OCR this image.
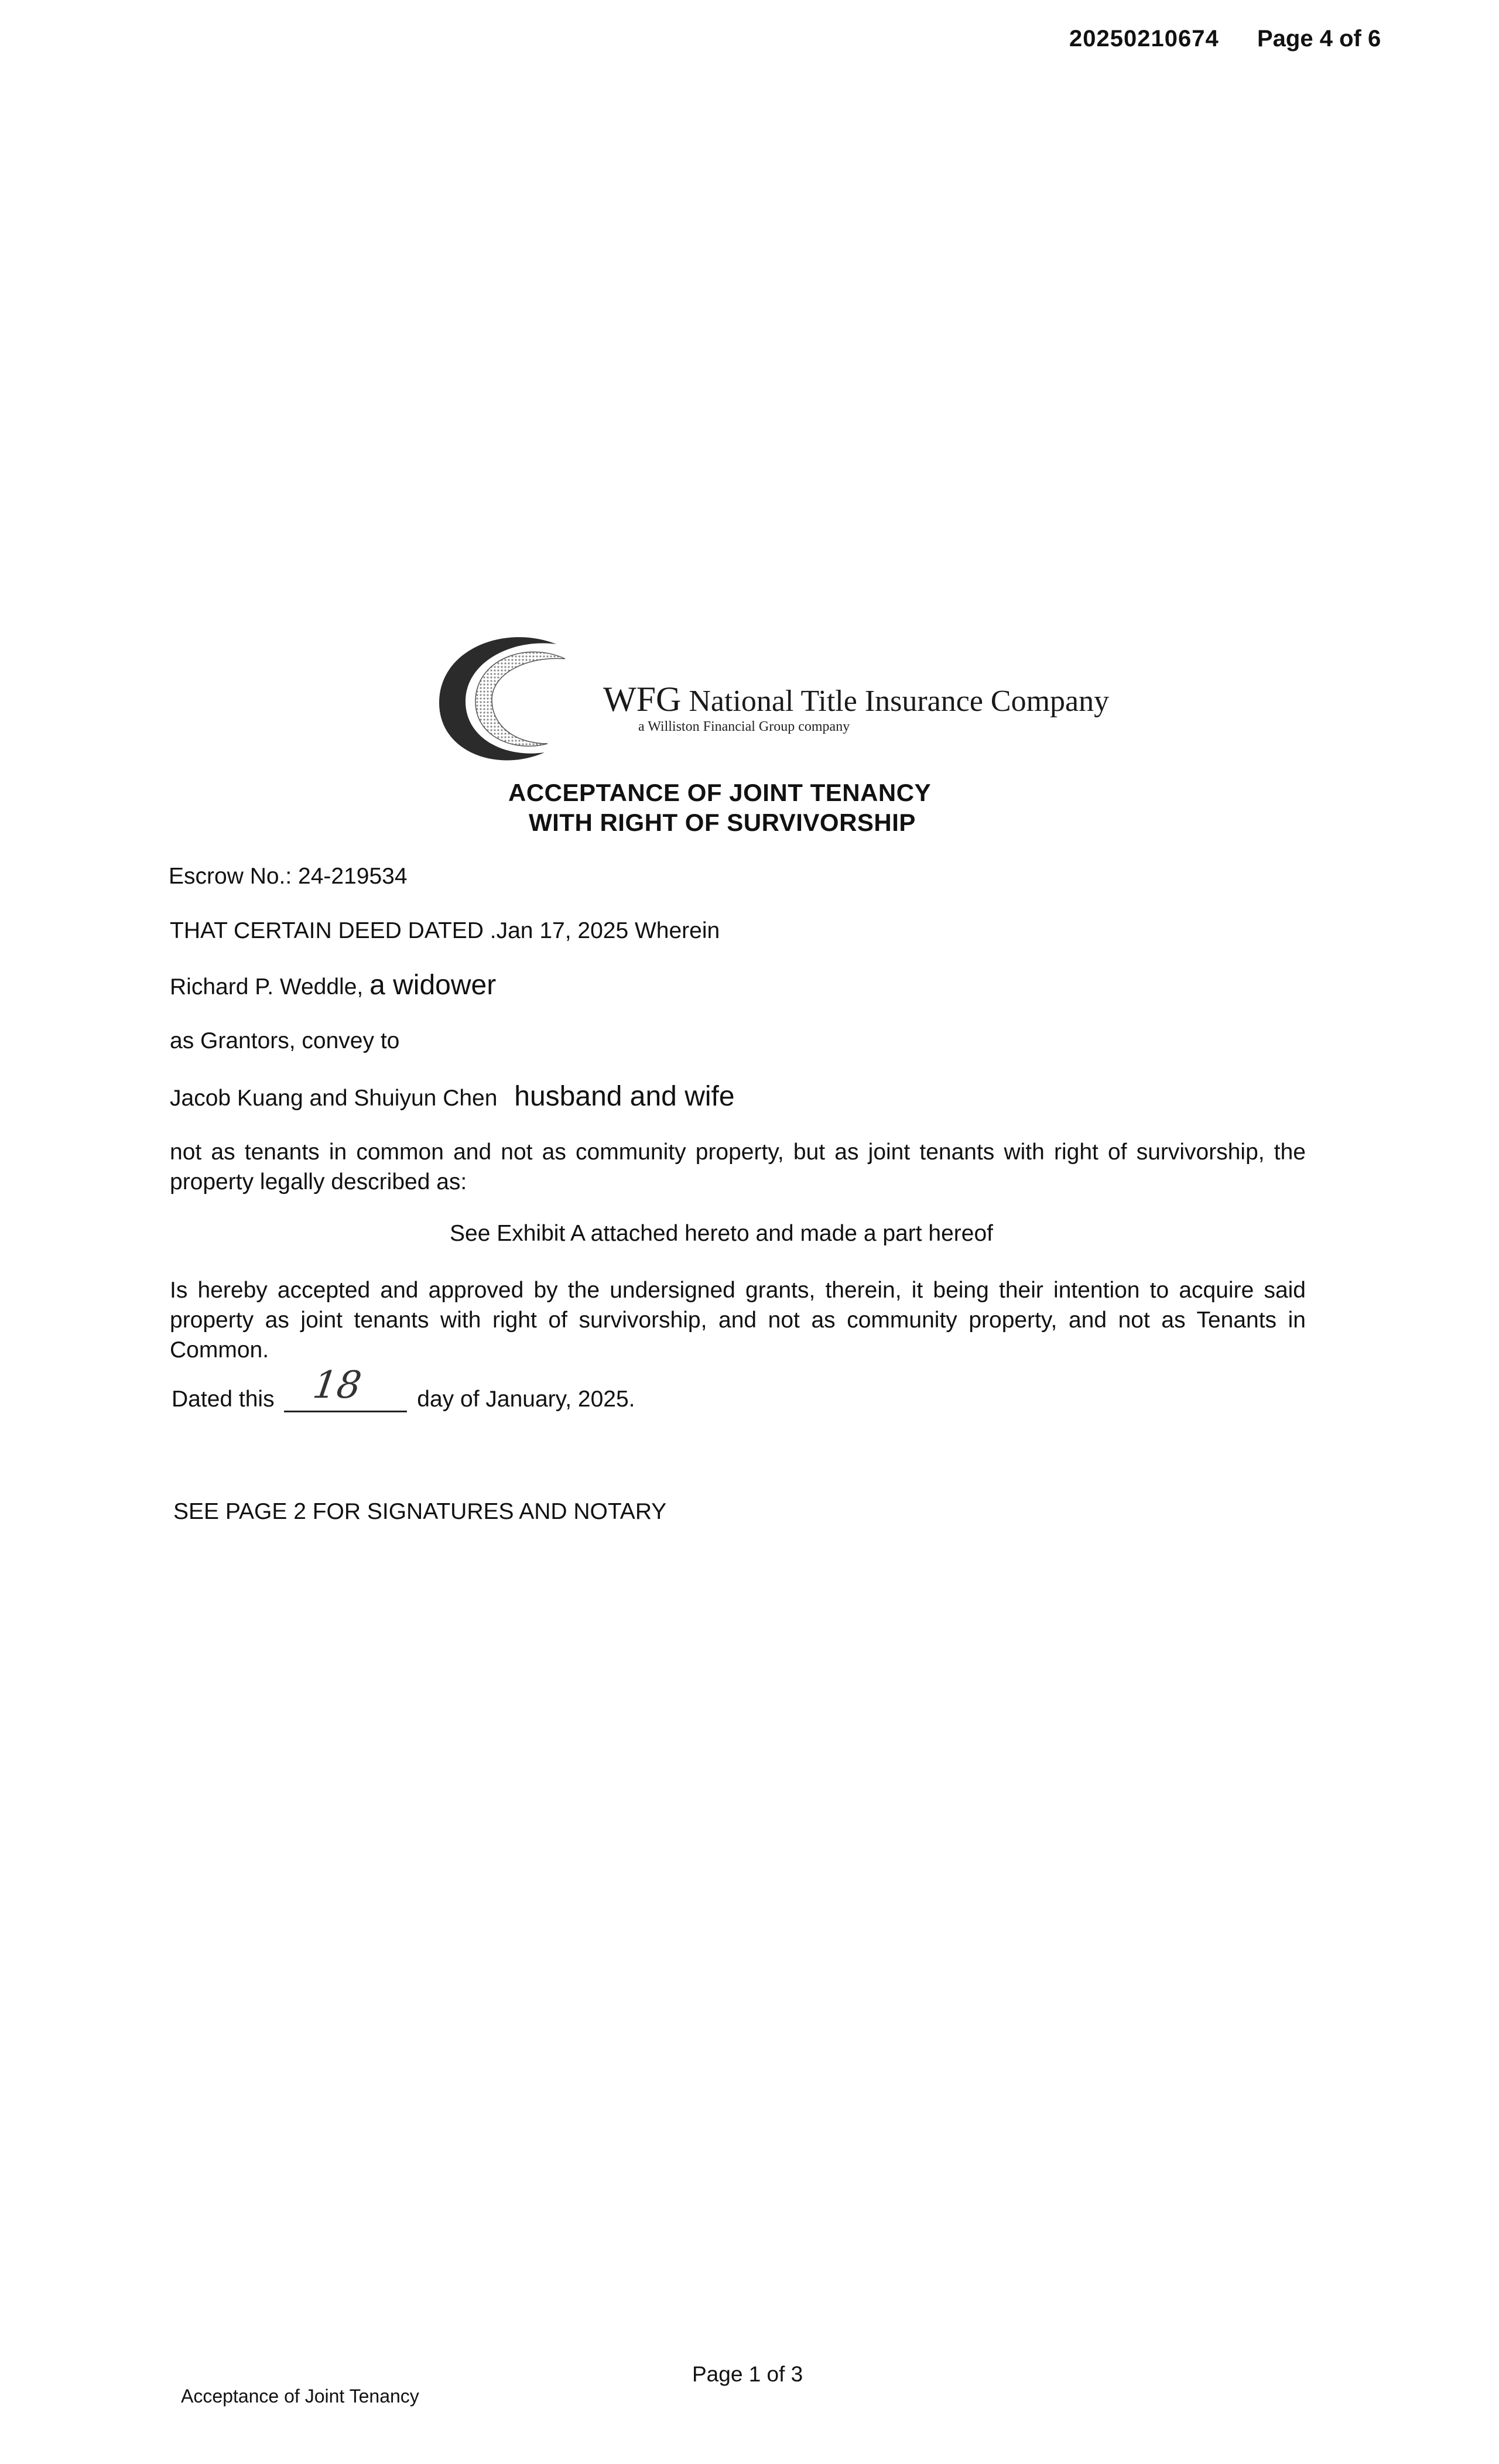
20250210674 Page 4 of 6
WFG National Title Insurance Company
a Williston Financial Group company
ACCEPTANCE OF JOINT TENANCY
WITH RIGHT OF SURVIVORSHIP
Escrow No.: 24-219534
THAT CERTAIN DEED DATED .Jan 17, 2025 Wherein
Richard P. Weddle, a widower
as Grantors, convey to
Jacob Kuang and Shuiyun Chen husband and wife
not as tenants in common and not as community property, but as joint tenants with right of survivorship, the property legally described as:
See Exhibit A attached hereto and made a part hereof
Is hereby accepted and approved by the undersigned grants, therein, it being their intention to acquire said property as joint tenants with right of survivorship, and not as community property, and not as Tenants in Common.
Dated this 18 day of January, 2025.
SEE PAGE 2 FOR SIGNATURES AND NOTARY
Page 1 of 3
Acceptance of Joint Tenancy
